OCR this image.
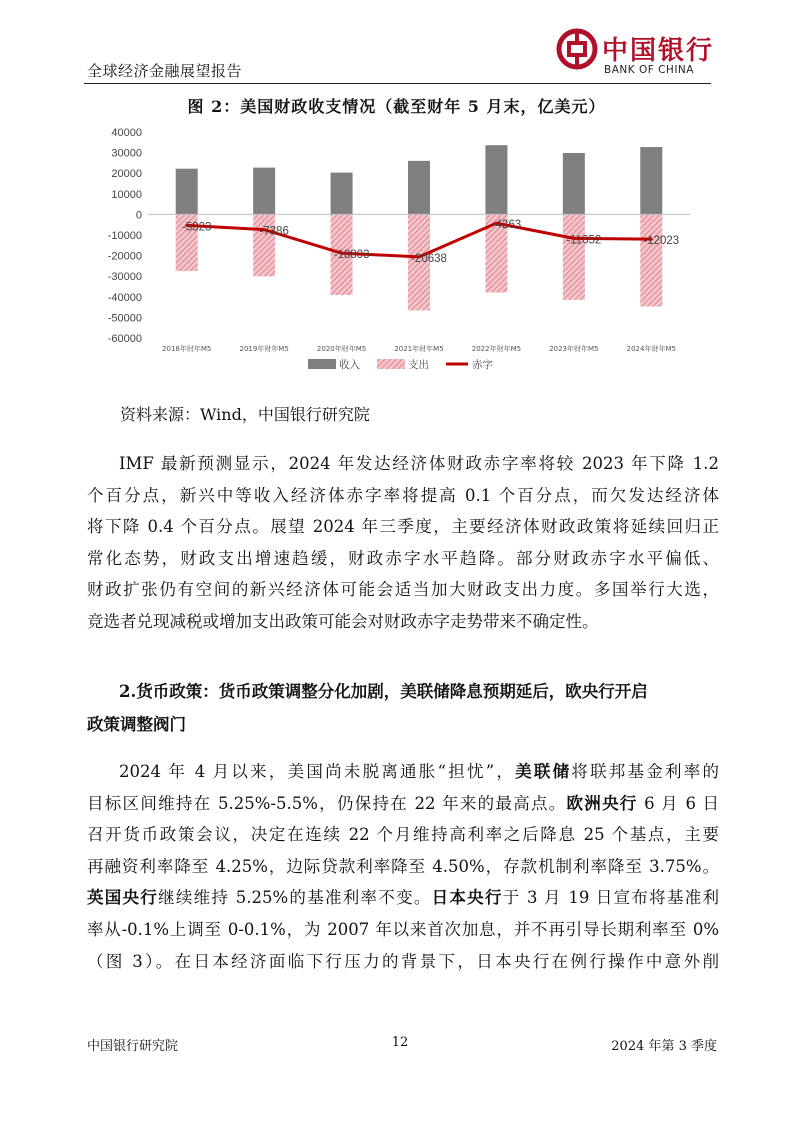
全球经济金融展望报告
中国银行
BANK OF CHINA
图 2：美国财政收支情况（截至财年 5 月末，亿美元）
40000
30000
20000
10000
0
-10000
-20000
-30000
-40000
-50000
-60000
-5323	-7386
-18803	-20638
-4263
-11652	-12023
2018年财年M5	2019年财年M5	2020年财年M5	2021年财年M5	2022年财年M5	2023年财年M5	2024年财年M5
收入	支出	赤字
资料来源：Wind，中国银行研究院
IMF 最新预测显示，2024 年发达经济体财政赤字率将较 2023 年下降 1.2
个百分点，新兴中等收入经济体赤字率将提高 0.1 个百分点，而欠发达经济体
将下降 0.4 个百分点。展望 2024 年三季度，主要经济体财政政策将延续回归正
常化态势，财政支出增速趋缓，财政赤字水平趋降。部分财政赤字水平偏低、
财政扩张仍有空间的新兴经济体可能会适当加大财政支出力度。多国举行大选，
竞选者兑现减税或增加支出政策可能会对财政赤字走势带来不确定性。
2.货币政策：货币政策调整分化加剧，美联储降息预期延后，欧央行开启
政策调整阀门
2024 年 4 月以来，美国尚未脱离通胀“担忧”，美联储将联邦基金利率的
目标区间维持在 5.25%-5.5%，仍保持在 22 年来的最高点。欧洲央行 6 月 6 日
召开货币政策会议，决定在连续 22 个月维持高利率之后降息 25 个基点，主要
再融资利率降至 4.25%，边际贷款利率降至 4.50%，存款机制利率降至 3.75%。
英国央行继续维持 5.25%的基准利率不变。日本央行于 3 月 19 日宣布将基准利
率从-0.1%上调至 0-0.1%，为 2007 年以来首次加息，并不再引导长期利率至 0%
（图 3）。在日本经济面临下行压力的背景下，日本央行在例行操作中意外削
中国银行研究院	12	2024 年第 3 季度
